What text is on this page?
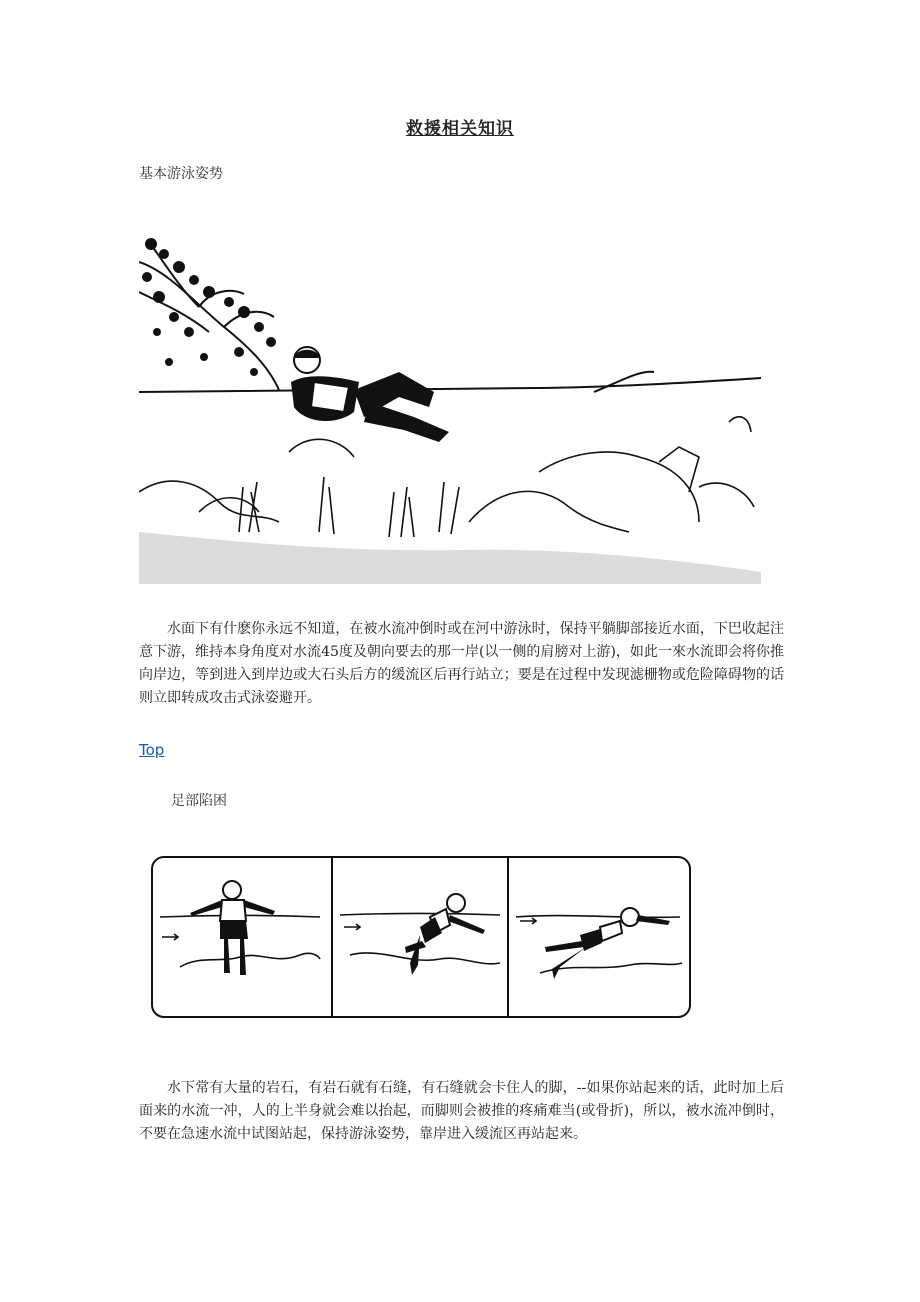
救援相关知识
基本游泳姿势
水面下有什麽你永远不知道，在被水流冲倒时或在河中游泳时，保持平躺脚部接近水面，下巴收起注意下游，维持本身角度对水流45度及朝向要去的那一岸(以一侧的肩膀对上游)，如此一來水流即会将你推向岸边，等到进入到岸边或大石头后方的缓流区后再行站立；要是在过程中发现滤栅物或危险障碍物的话则立即转成攻击式泳姿避开。
Top
足部陷困
水下常有大量的岩石，有岩石就有石缝，有石缝就会卡住人的脚，--如果你站起来的话，此时加上后面来的水流一冲，人的上半身就会难以抬起，而脚则会被推的疼痛难当(或骨折)，所以，被水流冲倒时，不要在急速水流中试图站起，保持游泳姿势，靠岸进入缓流区再站起来。
